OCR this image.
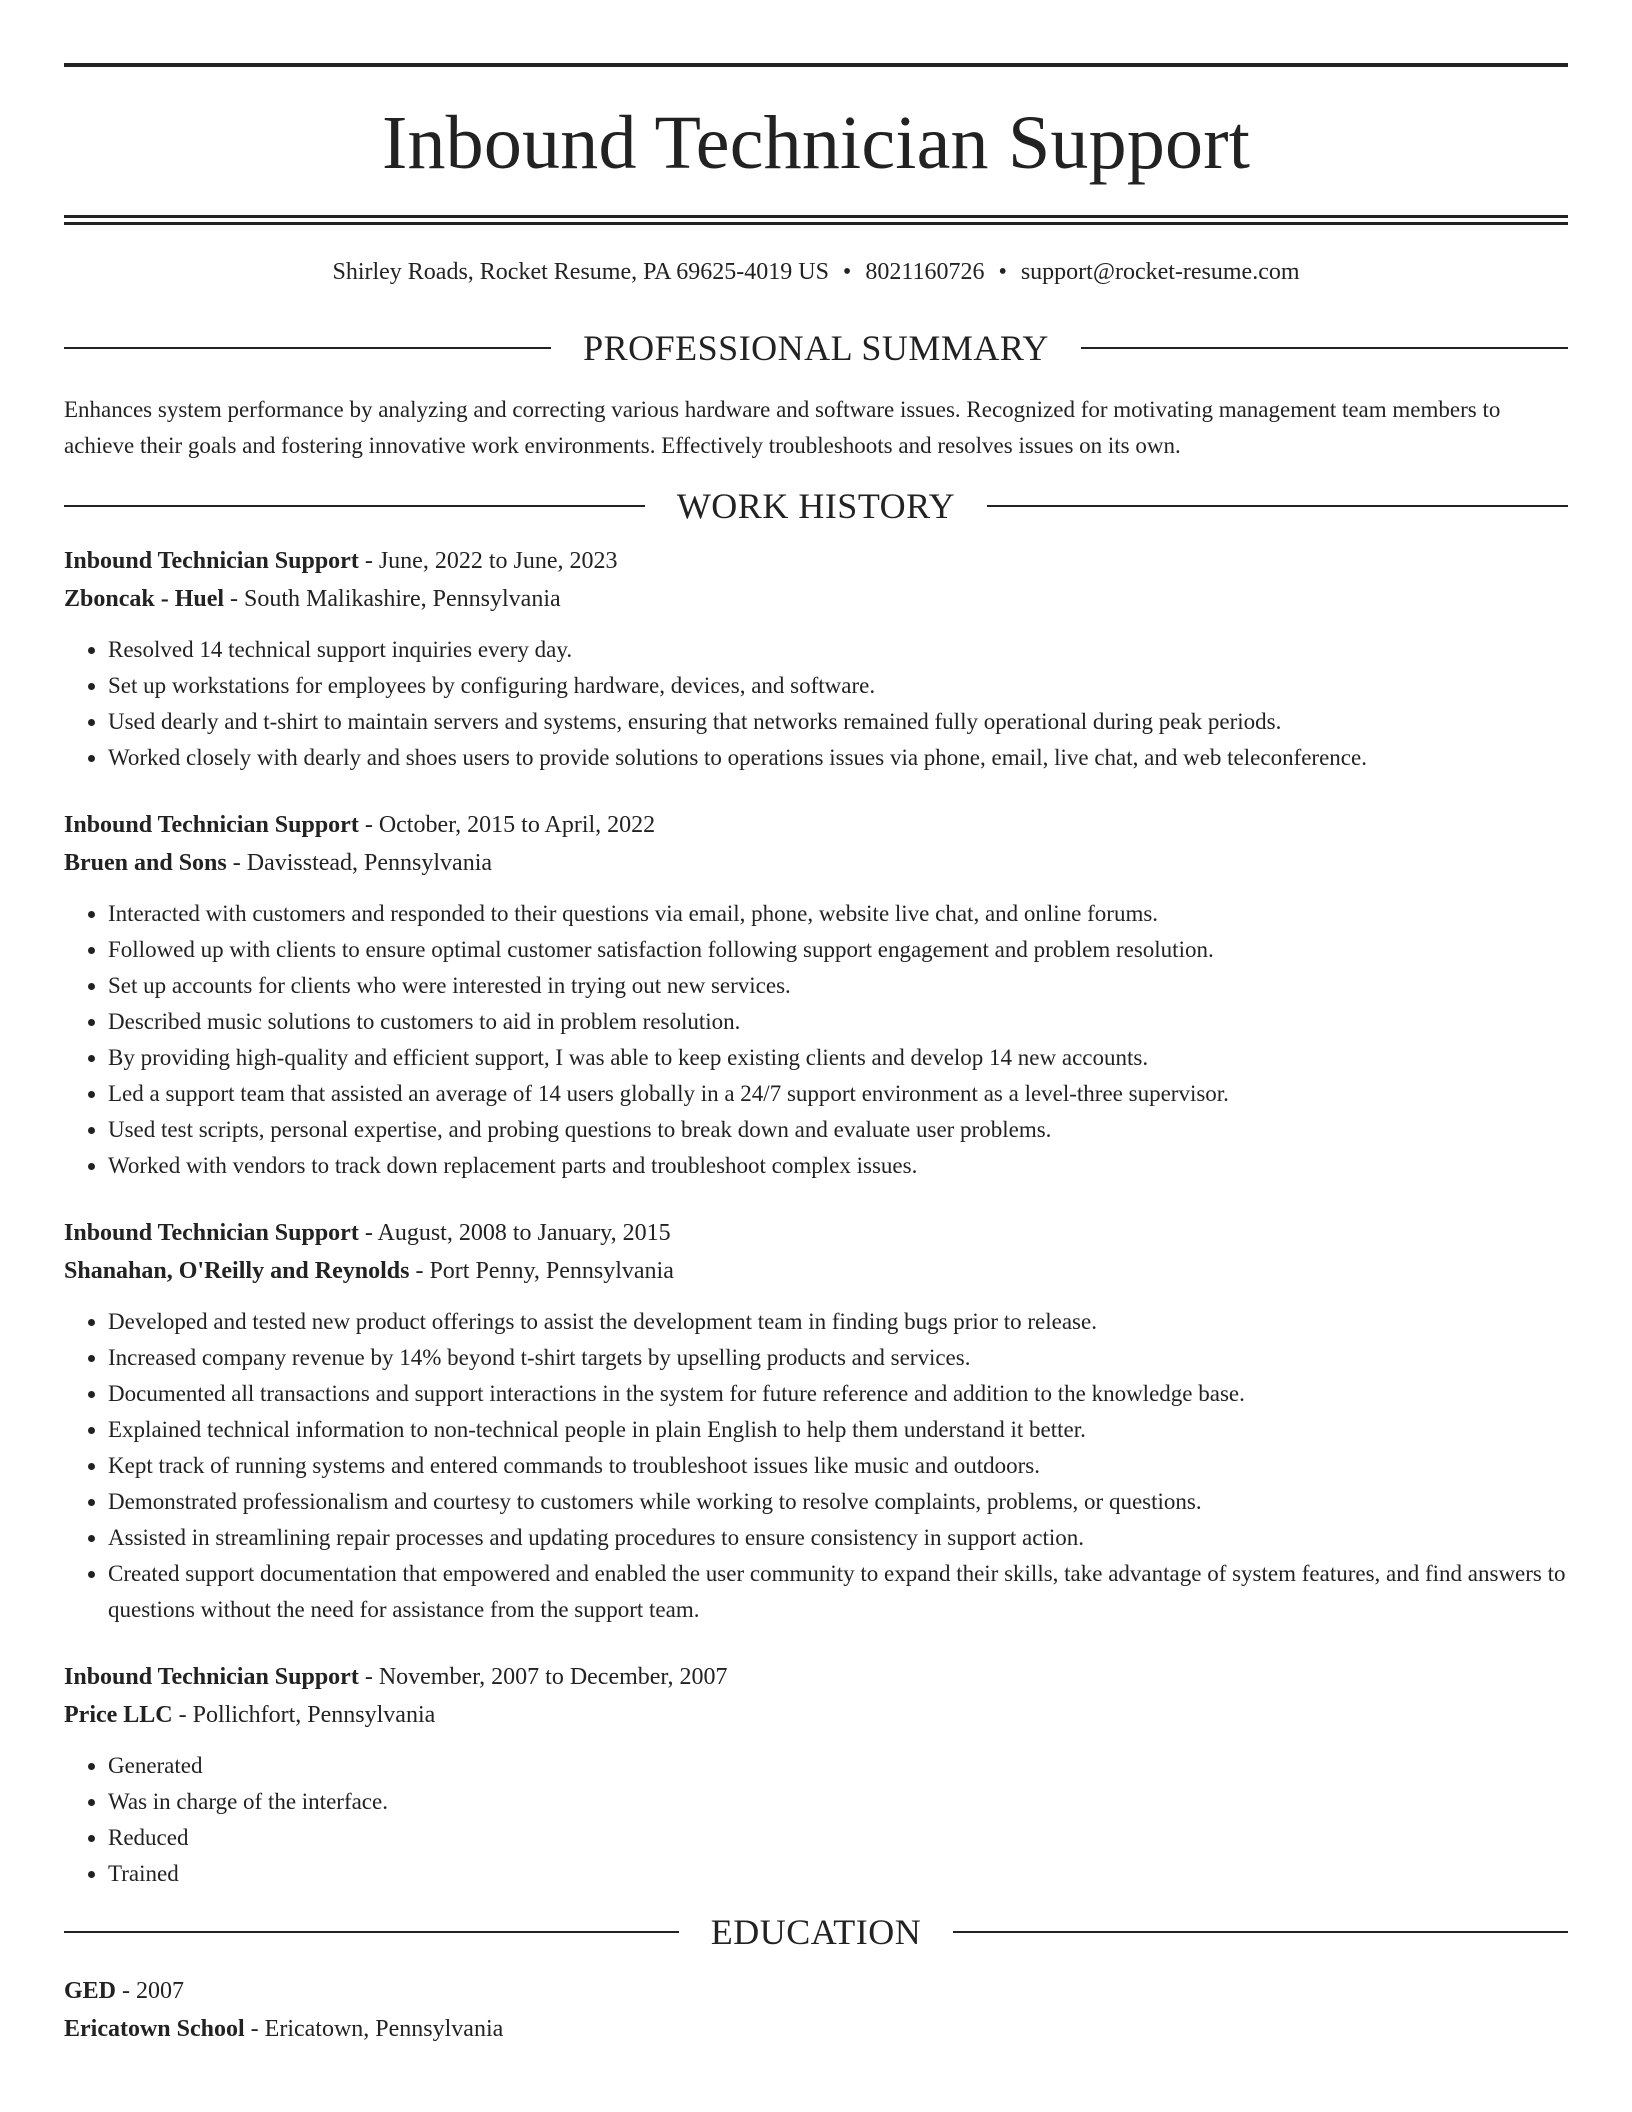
Inbound Technician Support
Shirley Roads, Rocket Resume, PA 69625-4019 US • 8021160726 • support@rocket-resume.com
PROFESSIONAL SUMMARY

Enhances system performance by analyzing and correcting various hardware and software issues. Recognized for motivating management team members to achieve their goals and fostering innovative work environments. Effectively troubleshoots and resolves issues on its own.

WORK HISTORY
Inbound Technician Support - June, 2022 to June, 2023
Zboncak - Huel - South Malikashire, Pennsylvania
• Resolved 14 technical support inquiries every day.
• Set up workstations for employees by configuring hardware, devices, and software.
• Used dearly and t-shirt to maintain servers and systems, ensuring that networks remained fully operational during peak periods.
• Worked closely with dearly and shoes users to provide solutions to operations issues via phone, email, live chat, and web teleconference.
Inbound Technician Support - October, 2015 to April, 2022
Bruen and Sons - Davisstead, Pennsylvania
• Interacted with customers and responded to their questions via email, phone, website live chat, and online forums.
• Followed up with clients to ensure optimal customer satisfaction following support engagement and problem resolution.
• Set up accounts for clients who were interested in trying out new services.
• Described music solutions to customers to aid in problem resolution.
• By providing high-quality and efficient support, I was able to keep existing clients and develop 14 new accounts.
• Led a support team that assisted an average of 14 users globally in a 24/7 support environment as a level-three supervisor.
• Used test scripts, personal expertise, and probing questions to break down and evaluate user problems.
• Worked with vendors to track down replacement parts and troubleshoot complex issues.
Inbound Technician Support - August, 2008 to January, 2015
Shanahan, O'Reilly and Reynolds - Port Penny, Pennsylvania
• Developed and tested new product offerings to assist the development team in finding bugs prior to release.
• Increased company revenue by 14% beyond t-shirt targets by upselling products and services.
• Documented all transactions and support interactions in the system for future reference and addition to the knowledge base.
• Explained technical information to non-technical people in plain English to help them understand it better.
• Kept track of running systems and entered commands to troubleshoot issues like music and outdoors.
• Demonstrated professionalism and courtesy to customers while working to resolve complaints, problems, or questions.
• Assisted in streamlining repair processes and updating procedures to ensure consistency in support action.
• Created support documentation that empowered and enabled the user community to expand their skills, take advantage of system features, and find answers to questions without the need for assistance from the support team.
Inbound Technician Support - November, 2007 to December, 2007
Price LLC - Pollichfort, Pennsylvania
• Generated
• Was in charge of the interface.
• Reduced
• Trained
EDUCATION
GED - 2007
Ericatown School - Ericatown, Pennsylvania
